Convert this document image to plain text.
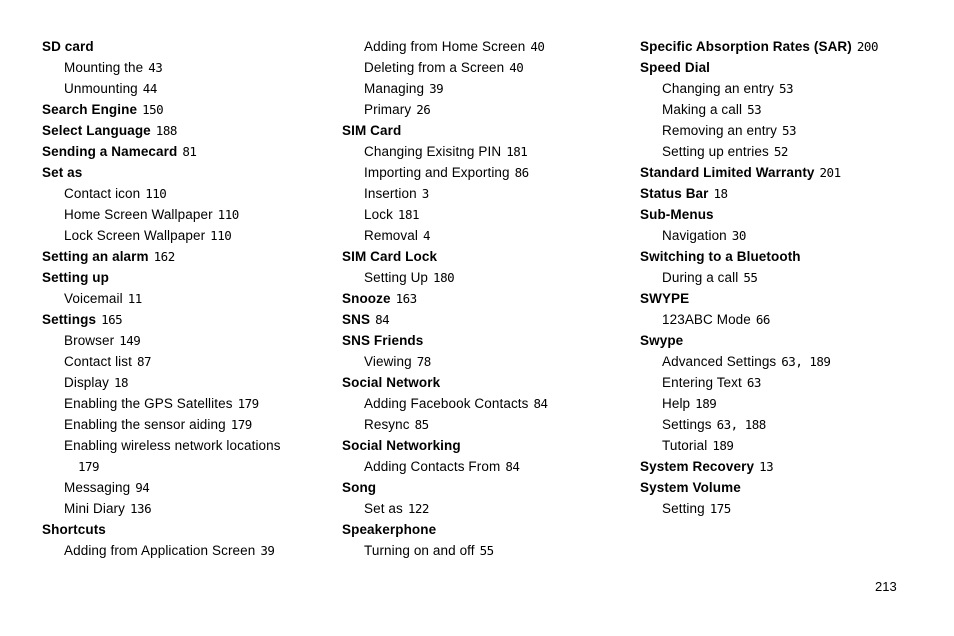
SD card
Mounting the 43
Unmounting 44
Search Engine 150
Select Language 188
Sending a Namecard 81
Set as
Contact icon 110
Home Screen Wallpaper 110
Lock Screen Wallpaper 110
Setting an alarm 162
Setting up
Voicemail 11
Settings 165
Browser 149
Contact list 87
Display 18
Enabling the GPS Satellites 179
Enabling the sensor aiding 179
Enabling wireless network locations
179
Messaging 94
Mini Diary 136
Shortcuts
Adding from Application Screen 39
Adding from Home Screen 40
Deleting from a Screen 40
Managing 39
Primary 26
SIM Card
Changing Exisitng PIN 181
Importing and Exporting 86
Insertion 3
Lock 181
Removal 4
SIM Card Lock
Setting Up 180
Snooze 163
SNS 84
SNS Friends
Viewing 78
Social Network
Adding Facebook Contacts 84
Resync 85
Social Networking
Adding Contacts From 84
Song
Set as 122
Speakerphone
Turning on and off 55
Specific Absorption Rates (SAR) 200
Speed Dial
Changing an entry 53
Making a call 53
Removing an entry 53
Setting up entries 52
Standard Limited Warranty 201
Status Bar 18
Sub-Menus
Navigation 30
Switching to a Bluetooth
During a call 55
SWYPE
123ABC Mode 66
Swype
Advanced Settings 63, 189
Entering Text 63
Help 189
Settings 63, 188
Tutorial 189
System Recovery 13
System Volume
Setting 175
213
